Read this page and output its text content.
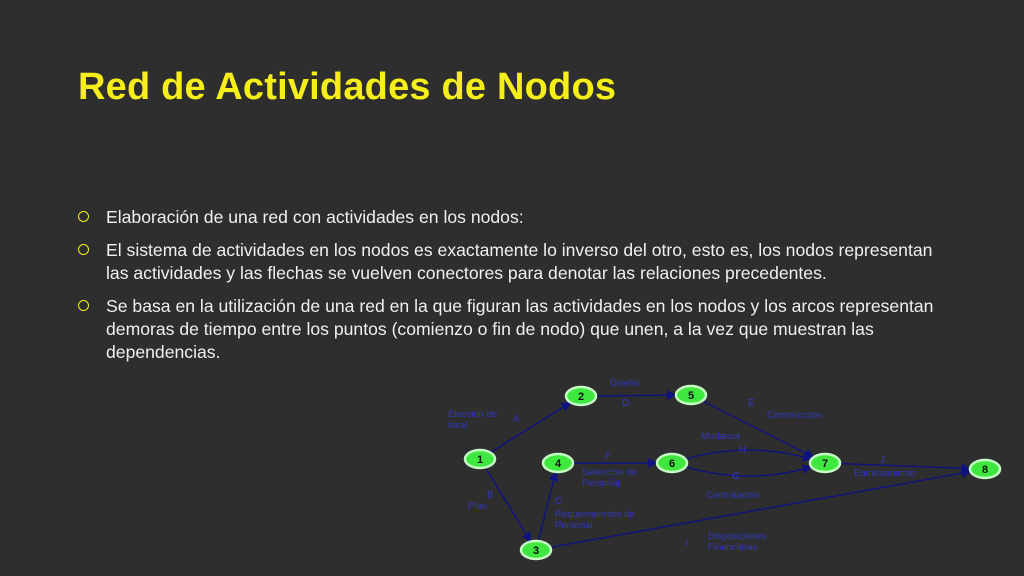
Red de Actividades de Nodos
Elaboración de una red con actividades en los nodos:
El sistema de actividades en los nodos es exactamente lo inverso del otro, esto es, los nodos representan las actividades y las flechas se vuelven conectores para denotar las relaciones precedentes.
Se basa en la utilización de una red en la que figuran las actividades en los nodos y los arcos representan demoras de tiempo entre los puntos (comienzo o fin de nodo) que unen, a la vez que muestran las dependencias.
A
Elección de
local
B
Plan
D
Diseño
E
Construcción
F
Selección de
Personal
C
Requerimientos de
Personal
H
Mudanza
G
Contratación
J
Entrenamiento
I
Disposiciones
Financieras
1
2
3
4
5
6	7	8
